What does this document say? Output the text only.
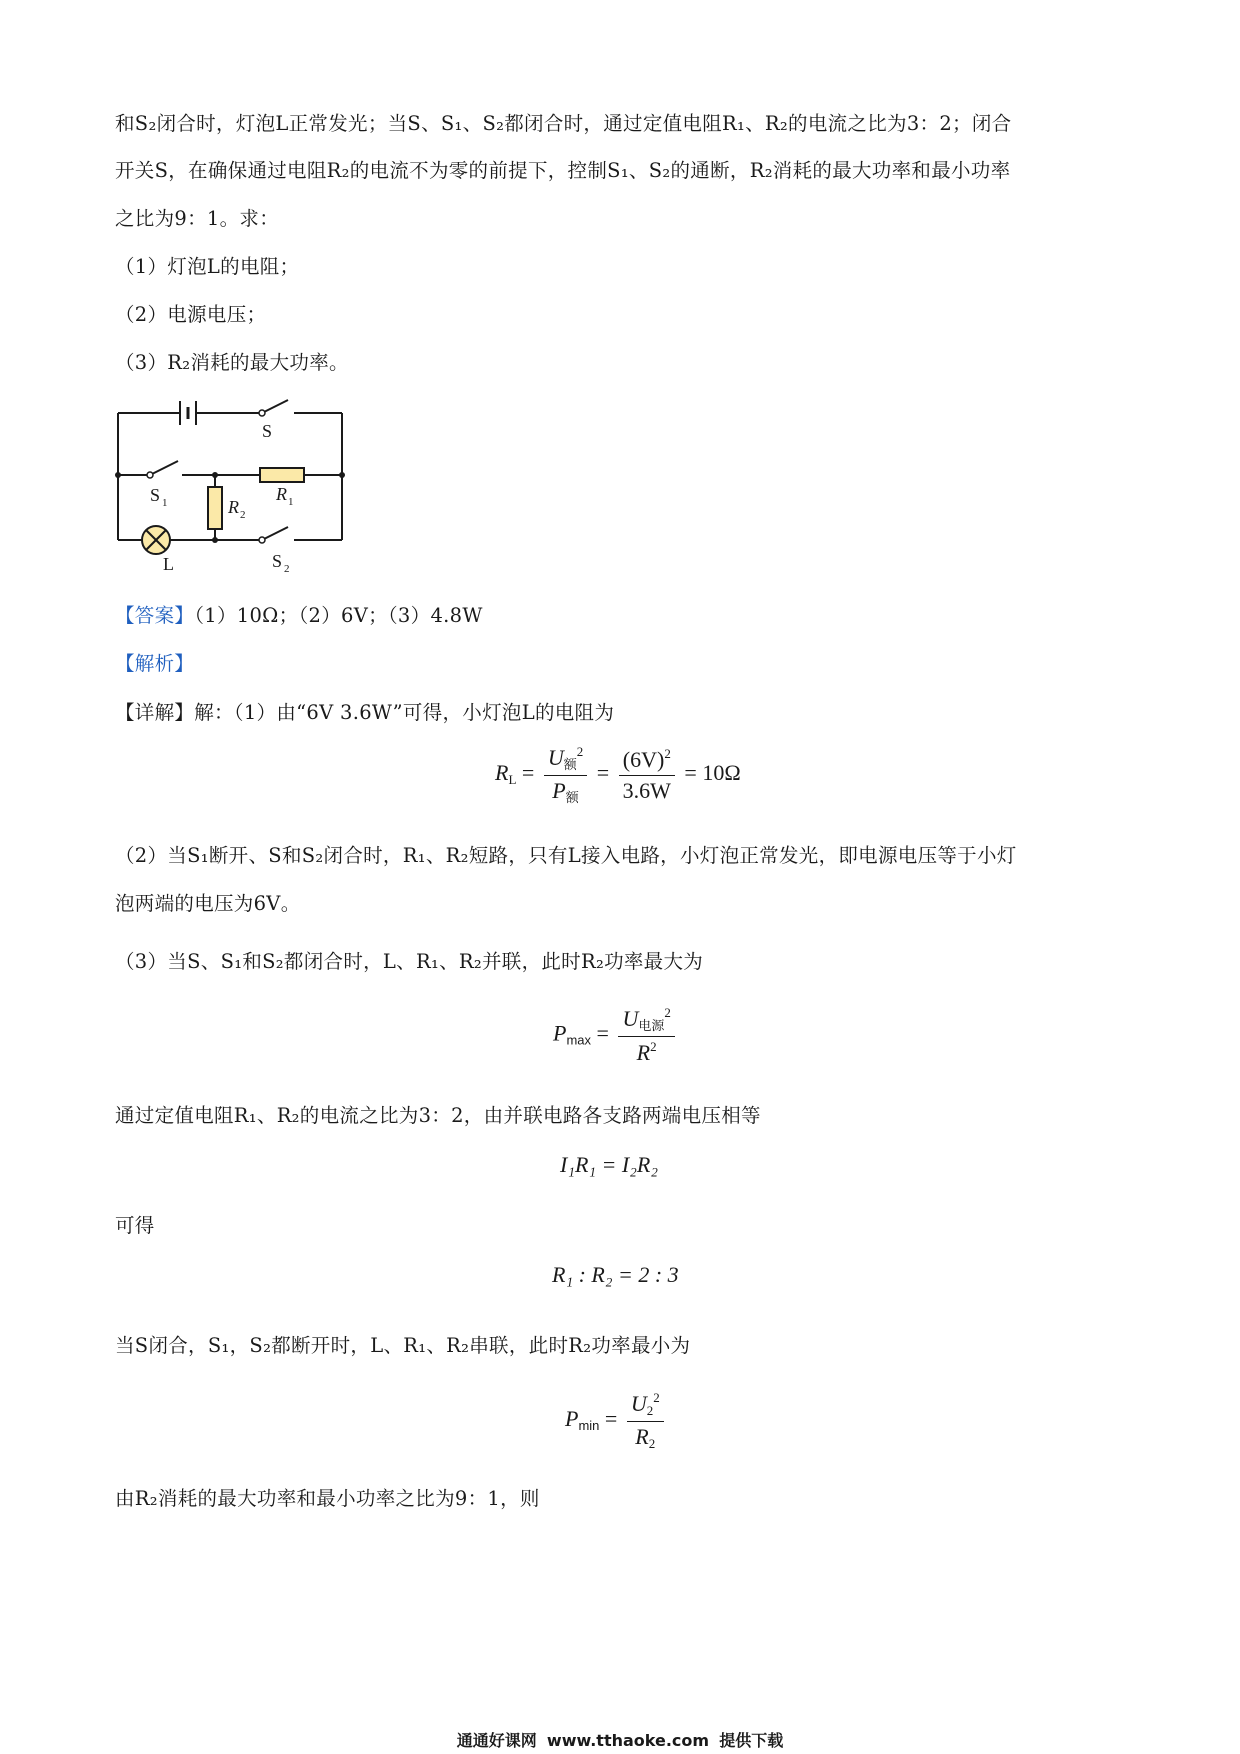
和S₂闭合时，灯泡L正常发光；当S、S₁、S₂都闭合时，通过定值电阻R₁、R₂的电流之比为3：2；闭合
开关S，在确保通过电阻R₂的电流不为零的前提下，控制S₁、S₂的通断，R₂消耗的最大功率和最小功率
之比为9：1。求：
（1）灯泡L的电阻；
（2）电源电压；
（3）R₂消耗的最大功率。
S
S 1	R 1
R 2
L	S 2
【答案】（1）10Ω；（2）6V；（3）4.8W
【解析】
【详解】解：（1）由“6V 3.6W”可得，小灯泡L的电阻为
$R_L = \frac{U_额^2}{P_额} = \frac{(6V)^2}{3.6W} = 10\Omega$
（2）当S₁断开、S和S₂闭合时，R₁、R₂短路，只有L接入电路，小灯泡正常发光，即电源电压等于小灯
泡两端的电压为6V。
（3）当S、S₁和S₂都闭合时，L、R₁、R₂并联，此时R₂功率最大为
$P_{max} = \frac{U_{电源}^2}{R^2}$
通过定值电阻R₁、R₂的电流之比为3：2，由并联电路各支路两端电压相等
I₁R₁ = I₂R₂
可得
R₁ : R₂ = 2 : 3
当S闭合，S₁，S₂都断开时，L、R₁、R₂串联，此时R₂功率最小为
$P_{min} = \frac{U_2^2}{R_2}$
由R₂消耗的最大功率和最小功率之比为9：1，则
通通好课网 www.tthaoke.com 提供下载
